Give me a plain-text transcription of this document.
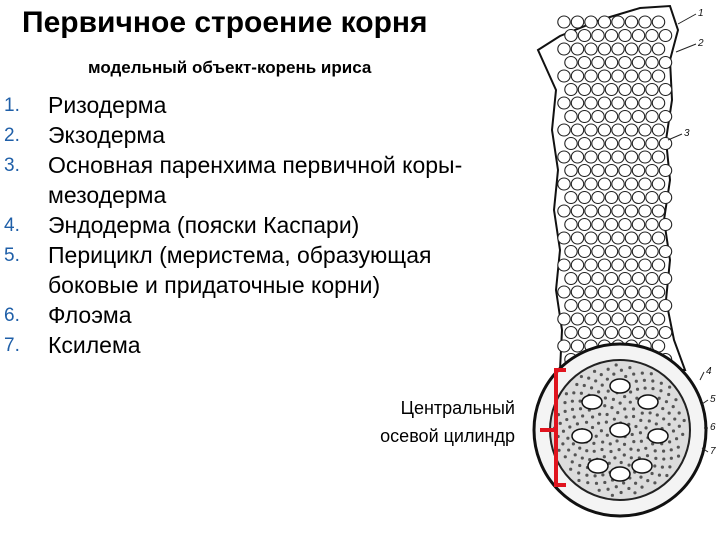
Первичное строение корня
модельный объект-корень ириса
1. Ризодерма
2. Экзодерма
3. Основная паренхима первичной коры-
мезодерма
4. Эндодерма (пояски Каспари)
5. Перицикл (меристема, образующая
боковые и придаточные корни)
6. Флоэма
7. Ксилема
Центральный
осевой цилиндр
1
2
3
4
5
6
7
